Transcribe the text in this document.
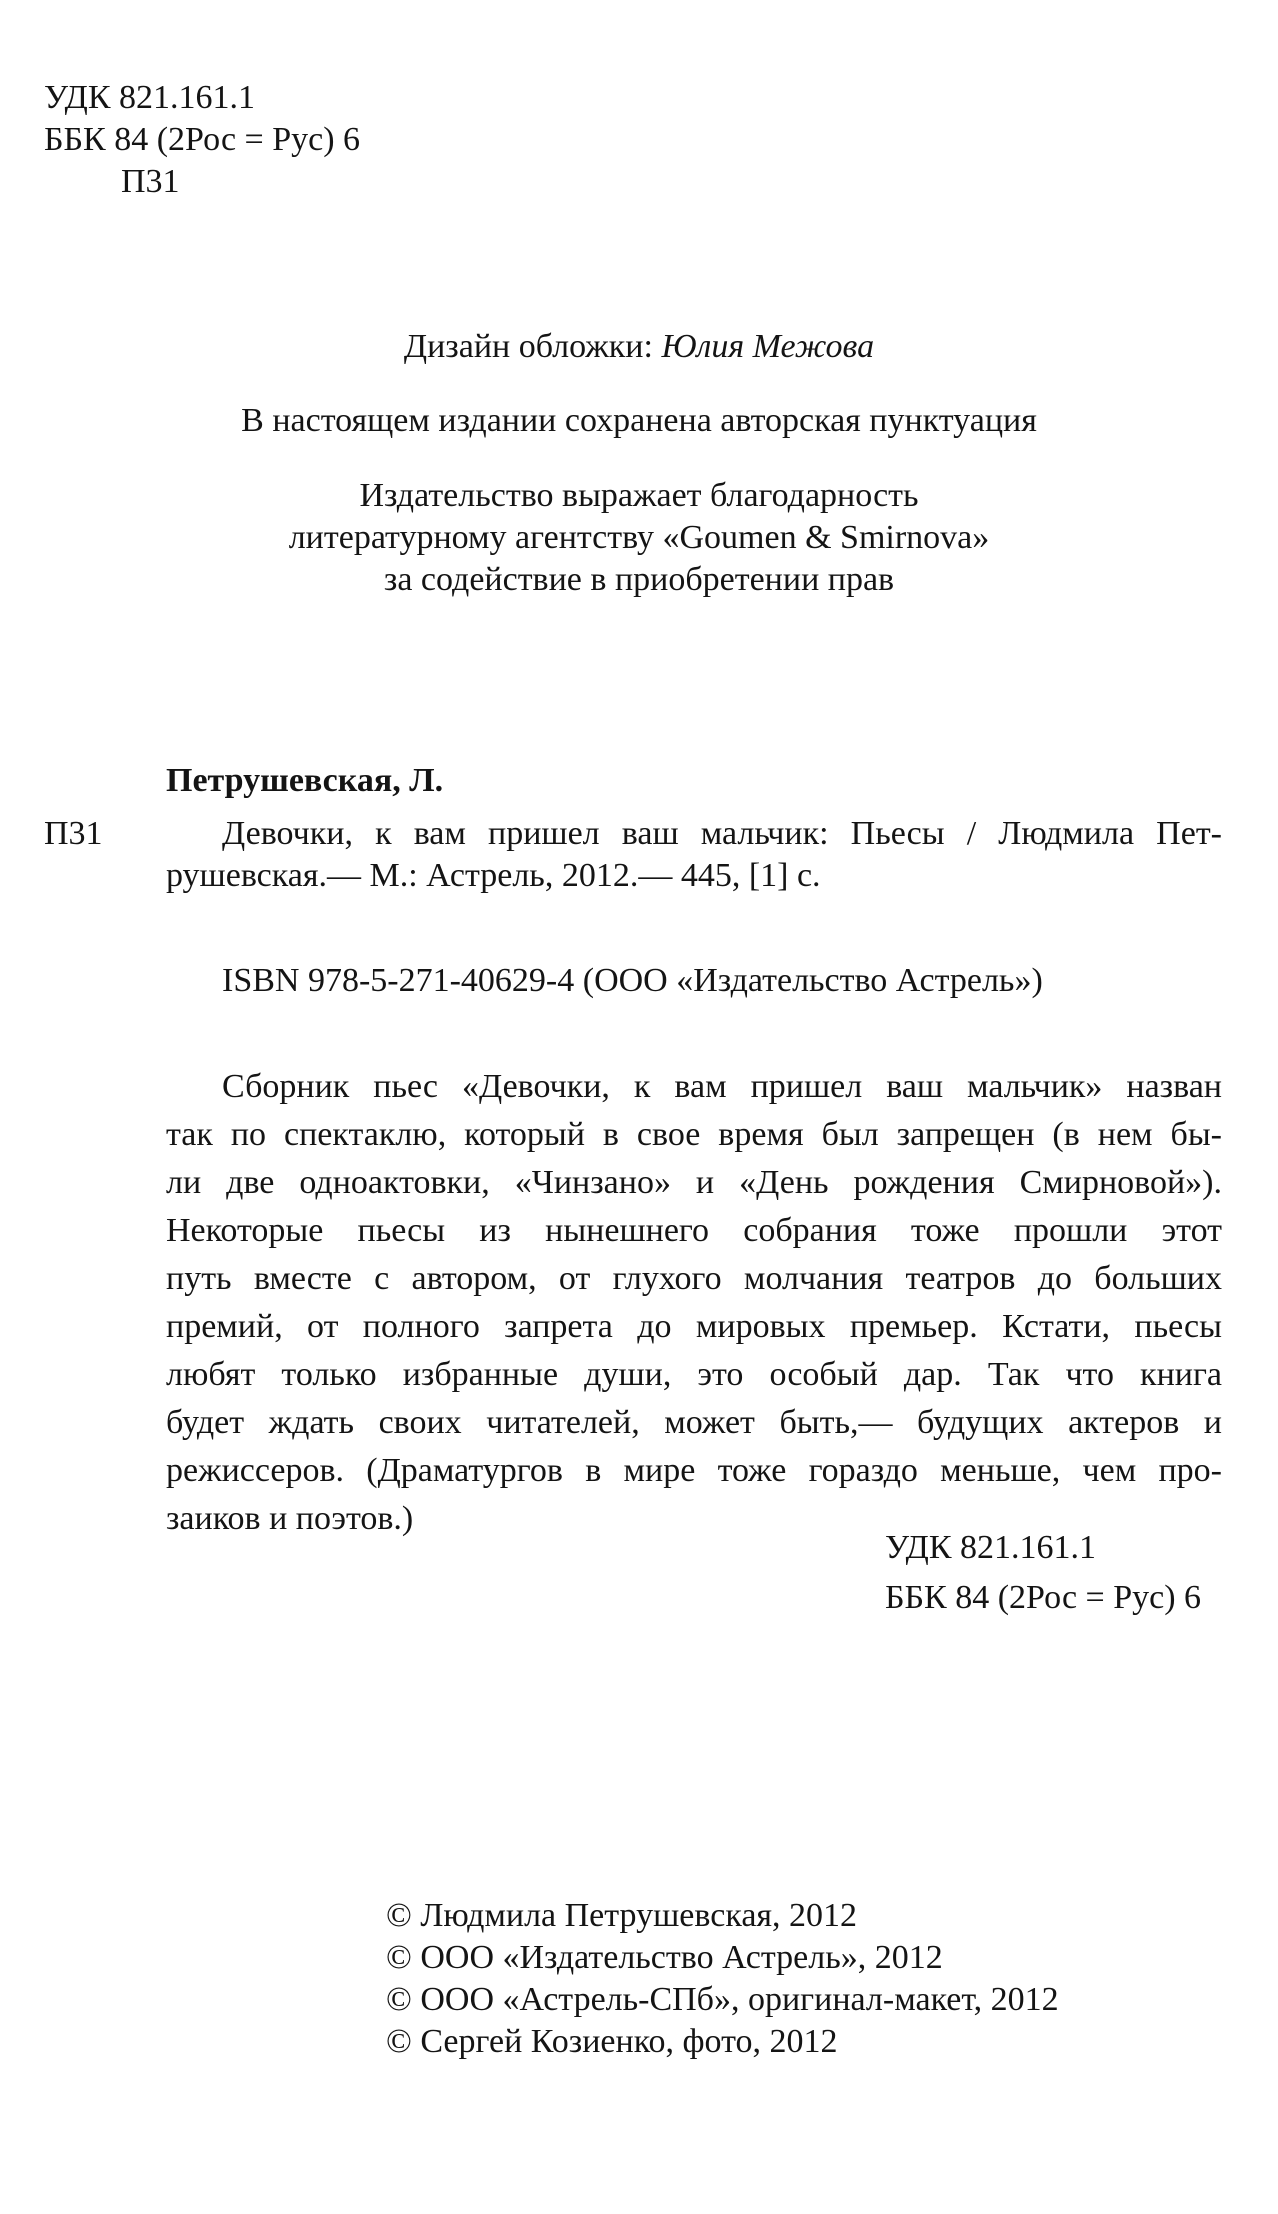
УДК 821.161.1
ББК 84 (2Рос = Рус) 6
П31
Дизайн обложки: Юлия Межова
В настоящем издании сохранена авторская пунктуация
Издательство выражает благодарность
литературному агентству «Goumen & Smirnova»
за содействие в приобретении прав
Петрушевская, Л.
П31	Девочки, к вам пришел ваш мальчик: Пьесы / Людмила Пет-
рушевская.— М.: Астрель, 2012.— 445, [1] с.
ISBN 978-5-271-40629-4 (ООО «Издательство Астрель»)
Сборник пьес «Девочки, к вам пришел ваш мальчик» назван
так по спектаклю, который в свое время был запрещен (в нем бы-
ли две одноактовки, «Чинзано» и «День рождения Смирновой»).
Некоторые пьесы из нынешнего собрания тоже прошли этот
путь вместе с автором, от глухого молчания театров до больших
премий, от полного запрета до мировых премьер. Кстати, пьесы
любят только избранные души, это особый дар. Так что книга
будет ждать своих читателей, может быть,— будущих актеров и
режиссеров. (Драматургов в мире тоже гораздо меньше, чем про-
заиков и поэтов.)
УДК 821.161.1
ББК 84 (2Рос = Рус) 6
© Людмила Петрушевская, 2012
© ООО «Издательство Астрель», 2012
© ООО «Астрель-СПб», оригинал-макет, 2012
© Сергей Козиенко, фото, 2012
